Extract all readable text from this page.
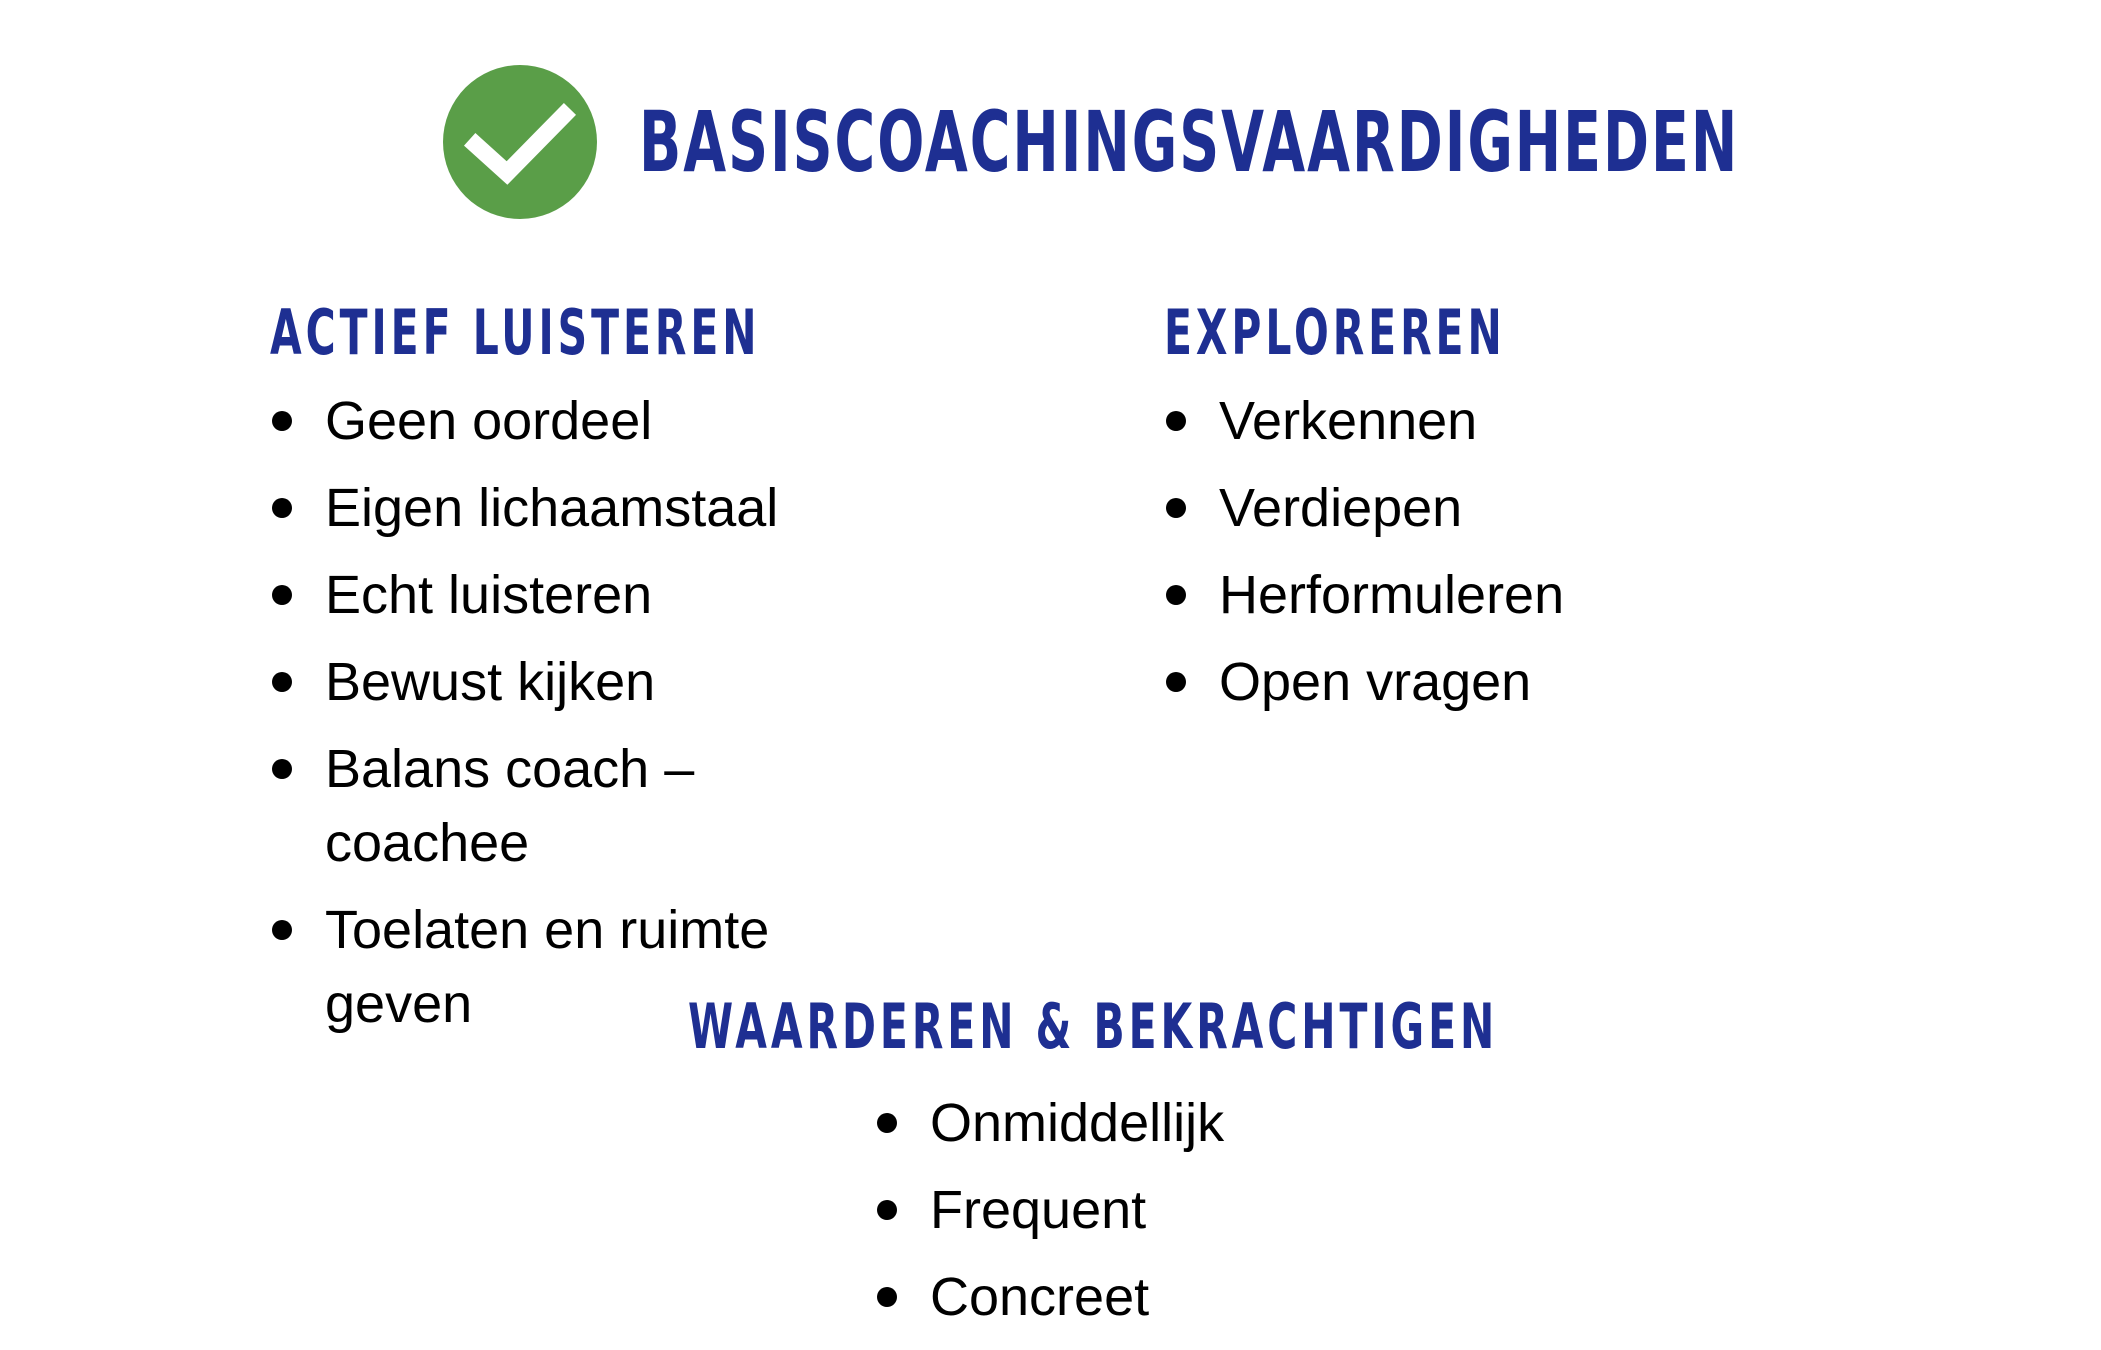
BASISCOACHINGSVAARDIGHEDEN
ACTIEF LUISTEREN
Geen oordeel
Eigen lichaamstaal
Echt luisteren
Bewust kijken
Balans coach – coachee
Toelaten en ruimte geven
EXPLOREREN
Verkennen
Verdiepen
Herformuleren
Open vragen
WAARDEREN & BEKRACHTIGEN
Onmiddellijk
Frequent
Concreet
